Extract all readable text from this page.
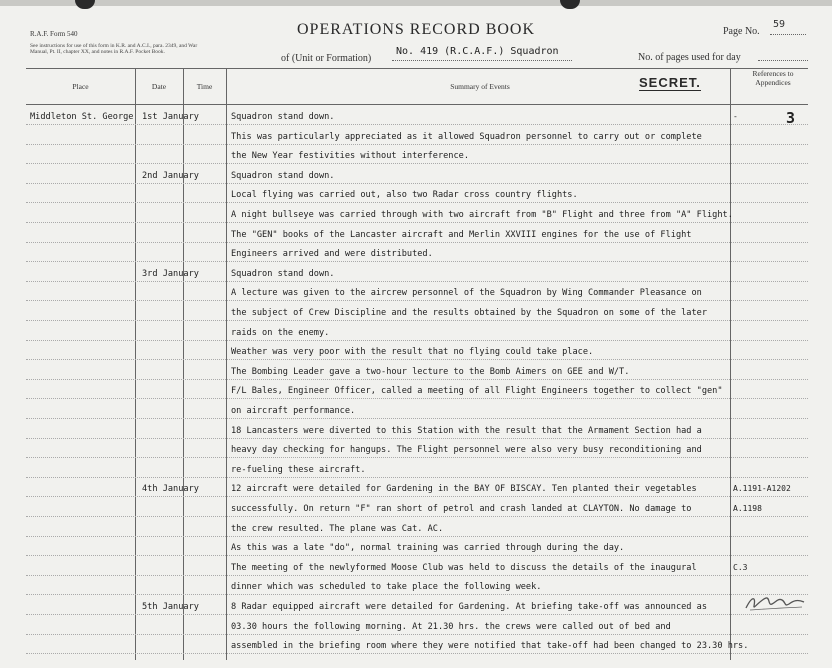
R.A.F. Form 540
See instructions for use of this form in K.R. and A.C.I., para. 2349, and War Manual, Pt. II, chapter XX, and notes in R.A.F. Pocket Book.
OPERATIONS RECORD BOOK	Page No.
59
of (Unit or Formation)
No. 419 (R.C.A.F.) Squadron
No. of pages used for day
Place	Date	Time	Summary of Events
References to Appendices
SECRET.
Middleton St. George 1st January	Squadron stand down.	-
This was particularly appreciated as it allowed Squadron personnel to carry out or complete
the New Year festivities without interference.
2nd January	Squadron stand down.
Local flying was carried out, also two Radar cross country flights.
A night bullseye was carried through with two aircraft from "B" Flight and three from "A" Flight.
The "GEN" books of the Lancaster aircraft and Merlin XXVIII engines for the use of Flight
Engineers arrived and were distributed.
3rd January	Squadron stand down.
A lecture was given to the aircrew personnel of the Squadron by Wing Commander Pleasance on
the subject of Crew Discipline and the results obtained by the Squadron on some of the later
raids on the enemy.
Weather was very poor with the result that no flying could take place.
The Bombing Leader gave a two-hour lecture to the Bomb Aimers on GEE and W/T.
F/L Bales, Engineer Officer, called a meeting of all Flight Engineers together to collect "gen"
on aircraft performance.
18 Lancasters were diverted to this Station with the result that the Armament Section had a
heavy day checking for hangups. The Flight personnel were also very busy reconditioning and
re-fueling these aircraft.
4th January	12 aircraft were detailed for Gardening in the BAY OF BISCAY. Ten planted their vegetables	A.1191-A1202
successfully. On return "F" ran short of petrol and crash landed at CLAYTON. No damage to	A.1198
the crew resulted. The plane was Cat. AC.
As this was a late "do", normal training was carried through during the day.
The meeting of the newlyformed Moose Club was held to discuss the details of the inaugural	C.3
dinner which was scheduled to take place the following week.
5th January	8 Radar equipped aircraft were detailed for Gardening. At briefing take-off was announced as
03.30 hours the following morning. At 21.30 hrs. the crews were called out of bed and
assembled in the briefing room where they were notified that take-off had been changed to 23.30 hrs.
3
